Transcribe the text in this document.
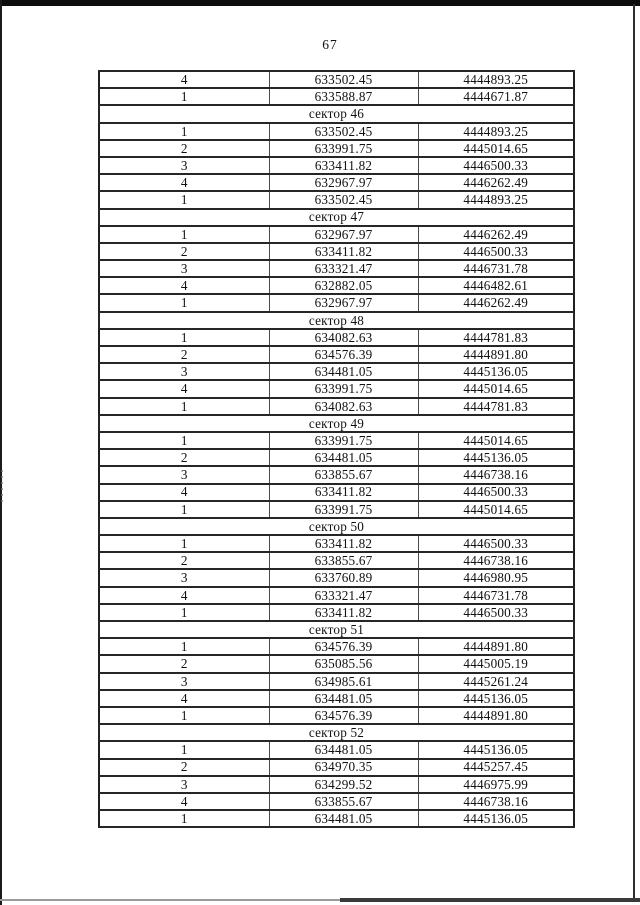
67
4	633502.45	4444893.25
1	633588.87	4444671.87
сектор 46		
1	633502.45	4444893.25
2	633991.75	4445014.65
3	633411.82	4446500.33
4	632967.97	4446262.49
1	633502.45	4444893.25
сектор 47		
1	632967.97	4446262.49
2	633411.82	4446500.33
3	633321.47	4446731.78
4	632882.05	4446482.61
1	632967.97	4446262.49
сектор 48		
1	634082.63	4444781.83
2	634576.39	4444891.80
3	634481.05	4445136.05
4	633991.75	4445014.65
1	634082.63	4444781.83
сектор 49		
1	633991.75	4445014.65
2	634481.05	4445136.05
3	633855.67	4446738.16
4	633411.82	4446500.33
1	633991.75	4445014.65
сектор 50		
1	633411.82	4446500.33
2	633855.67	4446738.16
3	633760.89	4446980.95
4	633321.47	4446731.78
1	633411.82	4446500.33
сектор 51		
1	634576.39	4444891.80
2	635085.56	4445005.19
3	634985.61	4445261.24
4	634481.05	4445136.05
1	634576.39	4444891.80
сектор 52		
1	634481.05	4445136.05
2	634970.35	4445257.45
3	634299.52	4446975.99
4	633855.67	4446738.16
1	634481.05	4445136.05
